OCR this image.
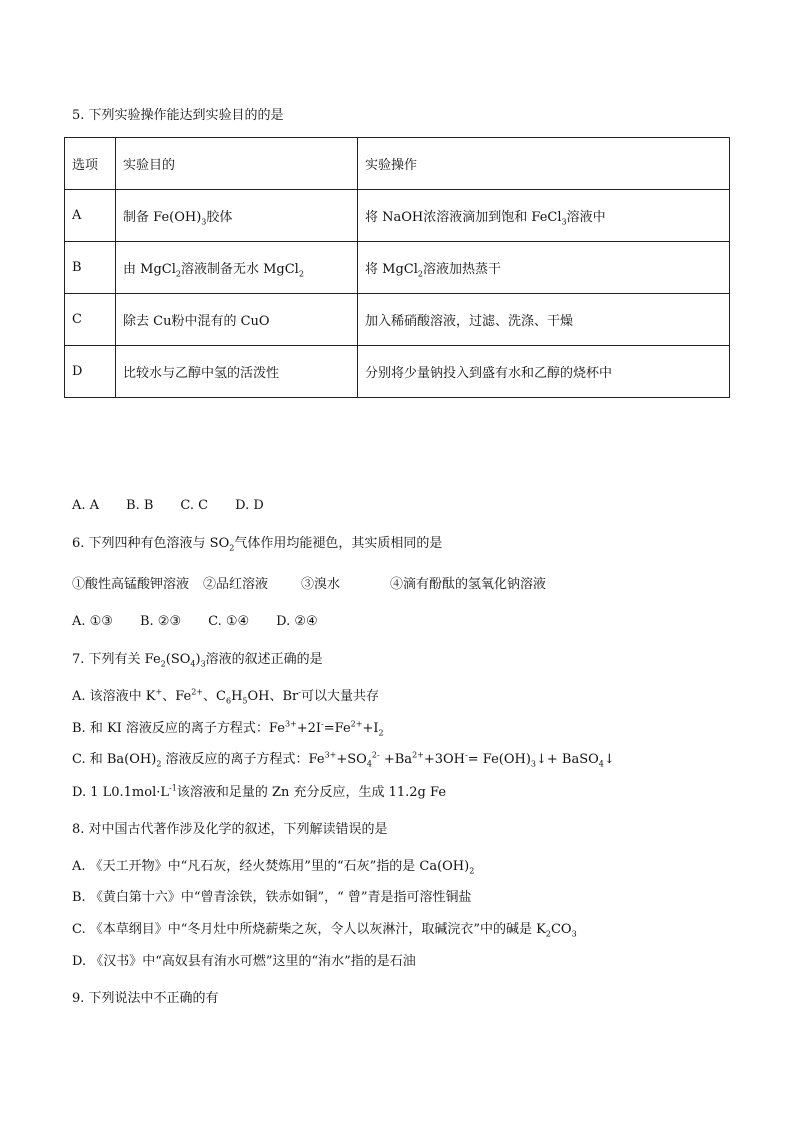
5. 下列实验操作能达到实验目的的是
选项	实验目的	实验操作
A	制备 $Fe(OH)_3$胶体	将 NaOH浓溶液滴加到饱和 FeCl$_3$溶液中
B	由 MgCl$_2$溶液制备无水 MgCl$_2$	将 MgCl$_2$溶液加热蒸干
C	除去 Cu粉中混有的 CuO	加入稀硝酸溶液，过滤、洗涤、干燥
D	比较水与乙醇中氢的活泼性	分别将少量钠投入到盛有水和乙醇的烧杯中
A. A B. B C. C D. D
6. 下列四种有色溶液与 $SO_2$气体作用均能褪色，其实质相同的是
①酸性高锰酸钾溶液 ②品红溶液	③溴水	④滴有酚酞的氢氧化钠溶液
A. ①③ B. ②③ C. ①④ D. ②④
7. 下列有关 $Fe_2(SO_4)_3$溶液的叙述正确的是
A. 该溶液中 K+、$Fe^{2+}$、$C_6H_5OH$、Br-可以大量共存
B. 和 KI 溶液反应的离子方程式：$Fe^{3+}+2I^-=Fe^{2+}+I_2$
C. 和 $Ba(OH)_2$ 溶液反应的离子方程式：$Fe^{3+}+SO_4^{2-} +Ba^{2+}+3OH^-=$ $Fe(OH)_3↓+$ BaSO$_4$↓
D. 1 $L0.1mol\cdot L^{-1}$该溶液和足量的 Zn 充分反应，生成 11.2g Fe
8. 对中国古代著作涉及化学的叙述，下列解读错误的是
A. 《天工开物》中“凡石灰，经火焚炼用”里的“石灰”指的是 $Ca(OH)_2$
B. 《黄白第十六》中“曾青涂铁，铁赤如铜”，“ 曾”青是指可溶性铜盐
C. 《本草纲目》中“冬月灶中所烧薪柴之灰，令人以灰淋汁，取碱浣衣”中的碱是 $K_2CO_3$
D. 《汉书》中“高奴县有洧水可燃”这里的“洧水”指的是石油
9. 下列说法中不正确的有
